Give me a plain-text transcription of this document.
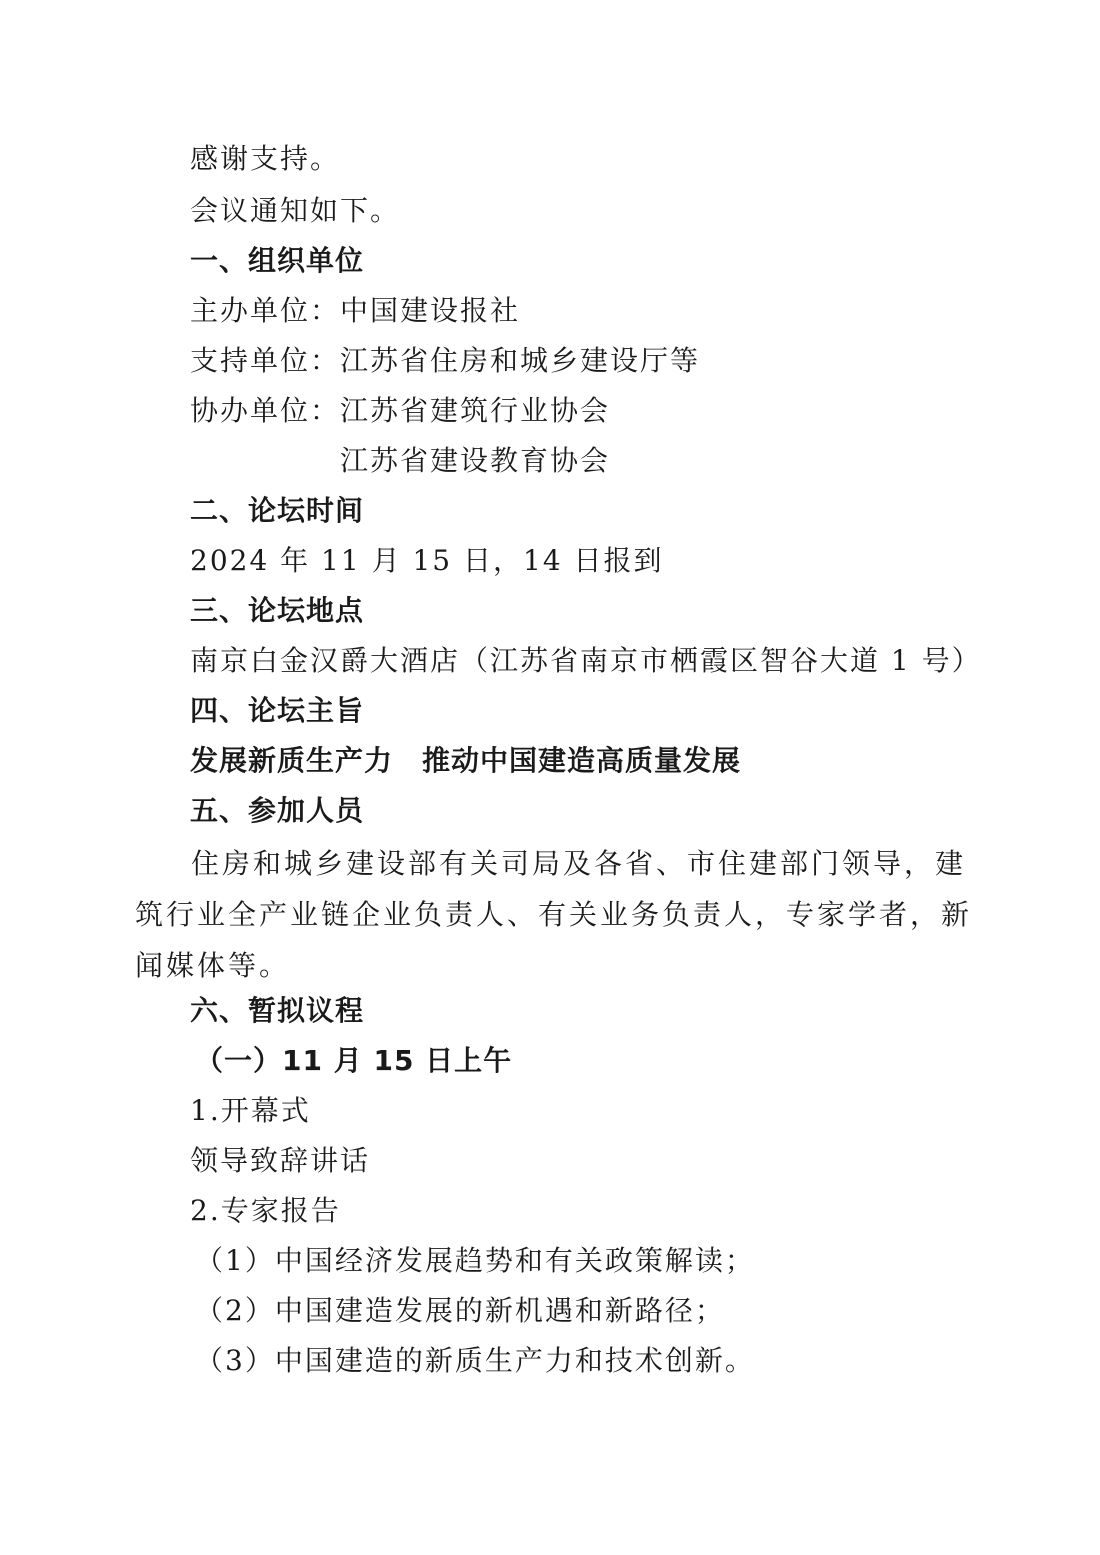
感谢支持。
会议通知如下。
一、组织单位
主办单位：中国建设报社
支持单位：江苏省住房和城乡建设厅等
协办单位：江苏省建筑行业协会
江苏省建设教育协会
二、论坛时间
2024 年 11 月 15 日，14 日报到
三、论坛地点
南京白金汉爵大酒店（江苏省南京市栖霞区智谷大道 1 号）
四、论坛主旨
发展新质生产力　推动中国建造高质量发展
五、参加人员
住房和城乡建设部有关司局及各省、市住建部门领导，建筑行业全产业链企业负责人、有关业务负责人，专家学者，新闻媒体等。
六、暂拟议程
（一）11 月 15 日上午
1.开幕式
领导致辞讲话
2.专家报告
（1）中国经济发展趋势和有关政策解读；
（2）中国建造发展的新机遇和新路径；
（3）中国建造的新质生产力和技术创新。
